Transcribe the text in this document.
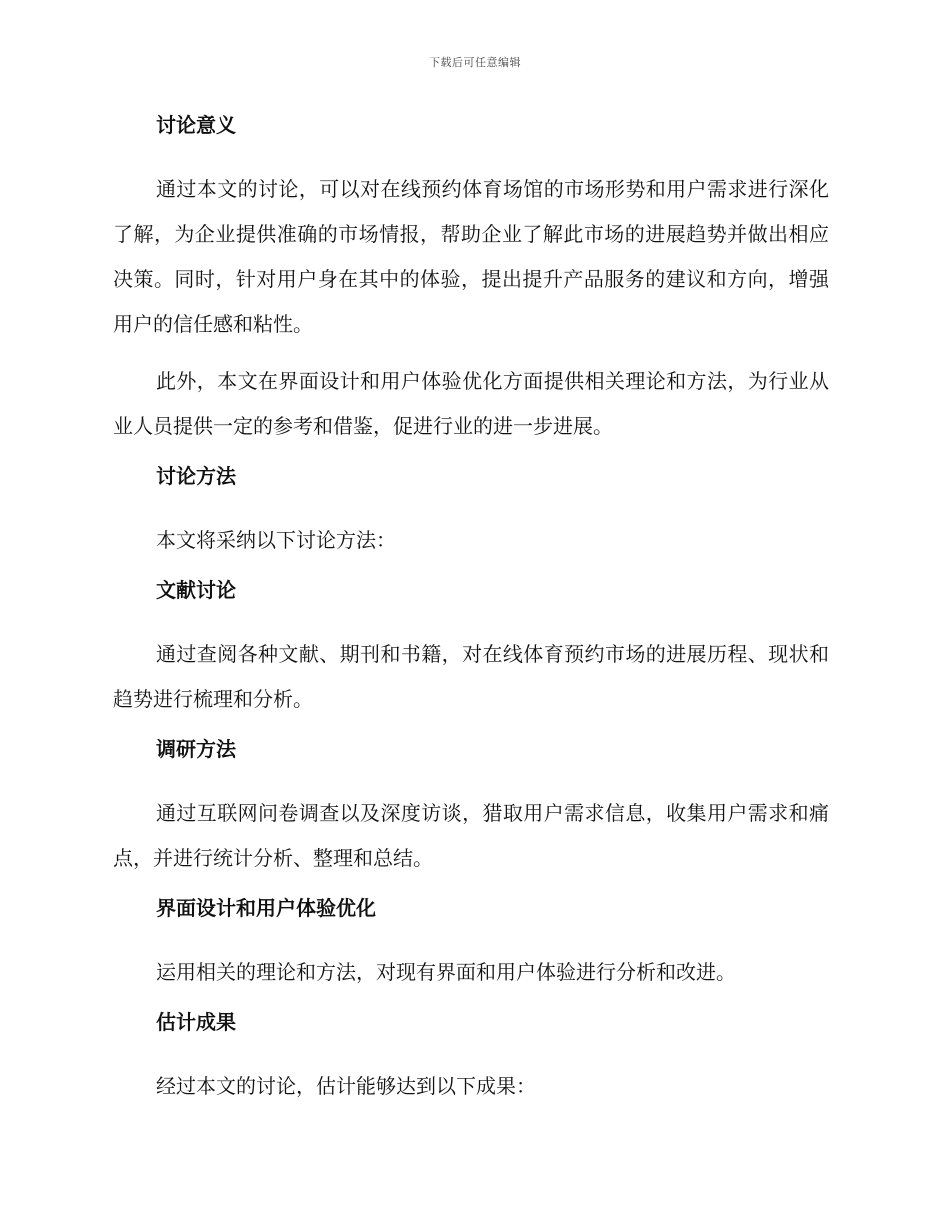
下载后可任意编辑
讨论意义

通过本文的讨论，可以对在线预约体育场馆的市场形势和用户需求进行深化了解，为企业提供准确的市场情报，帮助企业了解此市场的进展趋势并做出相应决策。同时，针对用户身在其中的体验，提出提升产品服务的建议和方向，增强用户的信任感和粘性。

此外，本文在界面设计和用户体验优化方面提供相关理论和方法，为行业从业人员提供一定的参考和借鉴，促进行业的进一步进展。

讨论方法

本文将采纳以下讨论方法：

文献讨论

通过查阅各种文献、期刊和书籍，对在线体育预约市场的进展历程、现状和趋势进行梳理和分析。

调研方法

通过互联网问卷调查以及深度访谈，猎取用户需求信息，收集用户需求和痛点，并进行统计分析、整理和总结。

界面设计和用户体验优化

运用相关的理论和方法，对现有界面和用户体验进行分析和改进。

估计成果

经过本文的讨论，估计能够达到以下成果：
